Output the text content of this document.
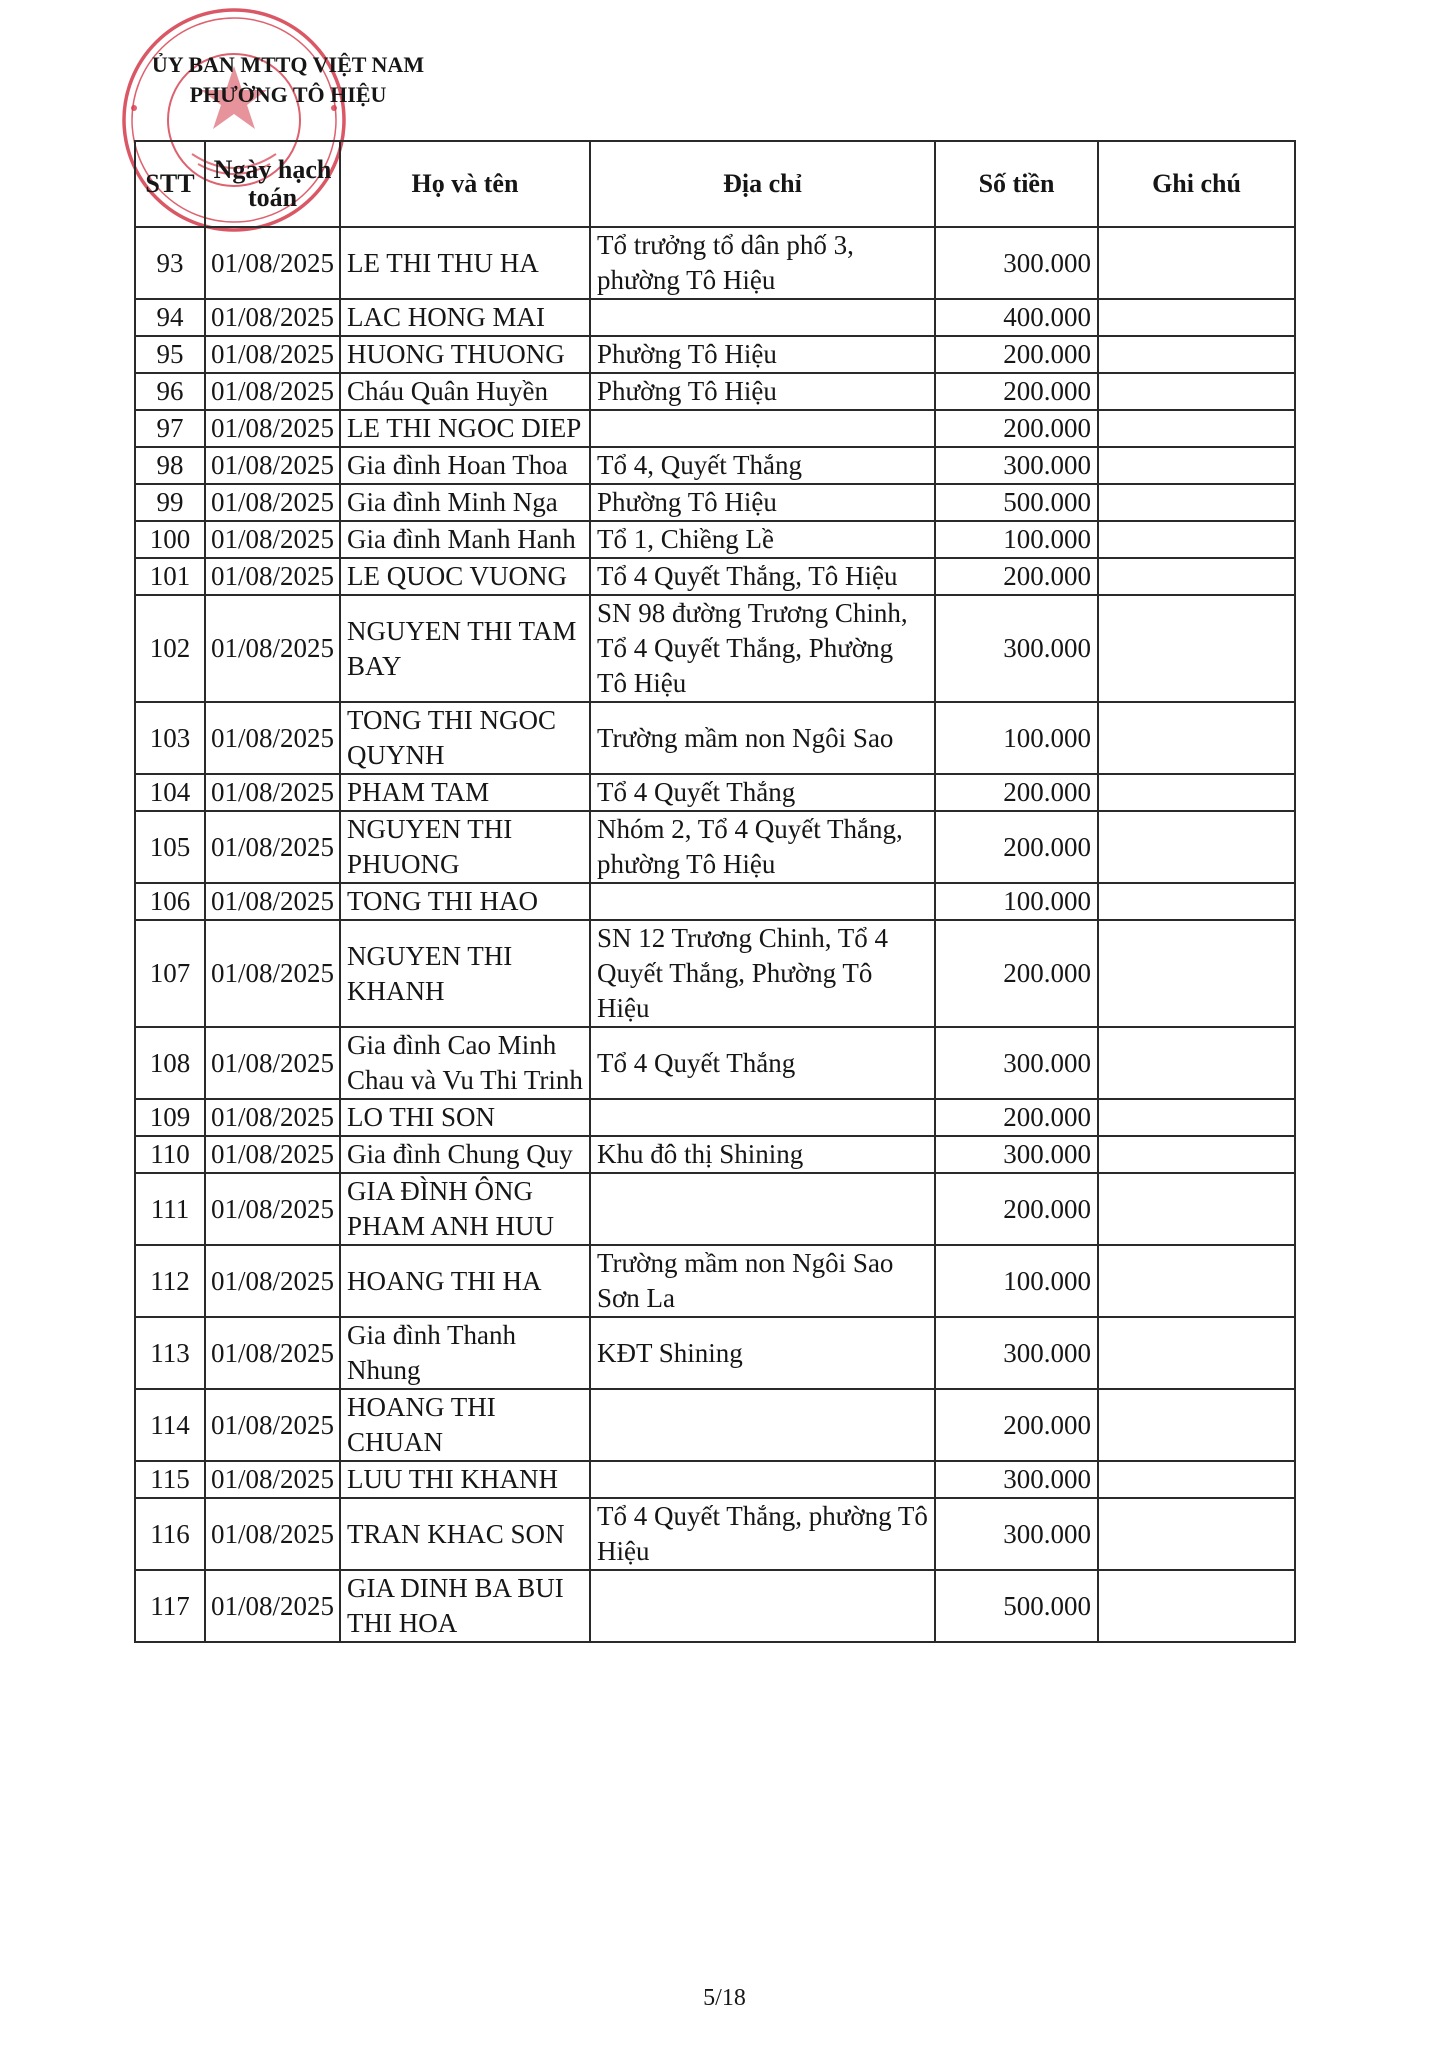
ỦY BAN MTTQ VIỆT NAM
PHƯỜNG TÔ HIỆU
STT	Ngày hạch toán	Họ và tên	Địa chỉ	Số tiền	Ghi chú
93	01/08/2025	LE THI THU HA	Tổ trưởng tổ dân phố 3, phường Tô Hiệu	300.000	
94	01/08/2025	LAC HONG MAI		400.000	
95	01/08/2025	HUONG THUONG	Phường Tô Hiệu	200.000	
96	01/08/2025	Cháu Quân Huyền	Phường Tô Hiệu	200.000	
97	01/08/2025	LE THI NGOC DIEP		200.000	
98	01/08/2025	Gia đình Hoan Thoa	Tổ 4, Quyết Thắng	300.000	
99	01/08/2025	Gia đình Minh Nga	Phường Tô Hiệu	500.000	
100	01/08/2025	Gia đình Manh Hanh	Tổ 1, Chiềng Lề	100.000	
101	01/08/2025	LE QUOC VUONG	Tổ 4 Quyết Thắng, Tô Hiệu	200.000	
102	01/08/2025	NGUYEN THI TAM BAY	SN 98 đường Trương Chinh, Tổ 4 Quyết Thắng, Phường Tô Hiệu	300.000	
103	01/08/2025	TONG THI NGOC QUYNH	Trường mầm non Ngôi Sao	100.000	
104	01/08/2025	PHAM TAM	Tổ 4 Quyết Thắng	200.000	
105	01/08/2025	NGUYEN THI PHUONG	Nhóm 2, Tổ 4 Quyết Thắng, phường Tô Hiệu	200.000	
106	01/08/2025	TONG THI HAO		100.000	
107	01/08/2025	NGUYEN THI KHANH	SN 12 Trương Chinh, Tổ 4 Quyết Thắng, Phường Tô Hiệu	200.000	
108	01/08/2025	Gia đình Cao Minh Chau và Vu Thi Trinh	Tổ 4 Quyết Thắng	300.000	
109	01/08/2025	LO THI SON		200.000	
110	01/08/2025	Gia đình Chung Quy	Khu đô thị Shining	300.000	
111	01/08/2025	GIA ĐÌNH ÔNG PHAM ANH HUU		200.000	
112	01/08/2025	HOANG THI HA	Trường mầm non Ngôi Sao Sơn La	100.000	
113	01/08/2025	Gia đình Thanh Nhung	KĐT Shining	300.000	
114	01/08/2025	HOANG THI CHUAN		200.000	
115	01/08/2025	LUU THI KHANH		300.000	
116	01/08/2025	TRAN KHAC SON	Tổ 4 Quyết Thắng, phường Tô Hiệu	300.000	
117	01/08/2025	GIA DINH BA BUI THI HOA		500.000	
5/18
